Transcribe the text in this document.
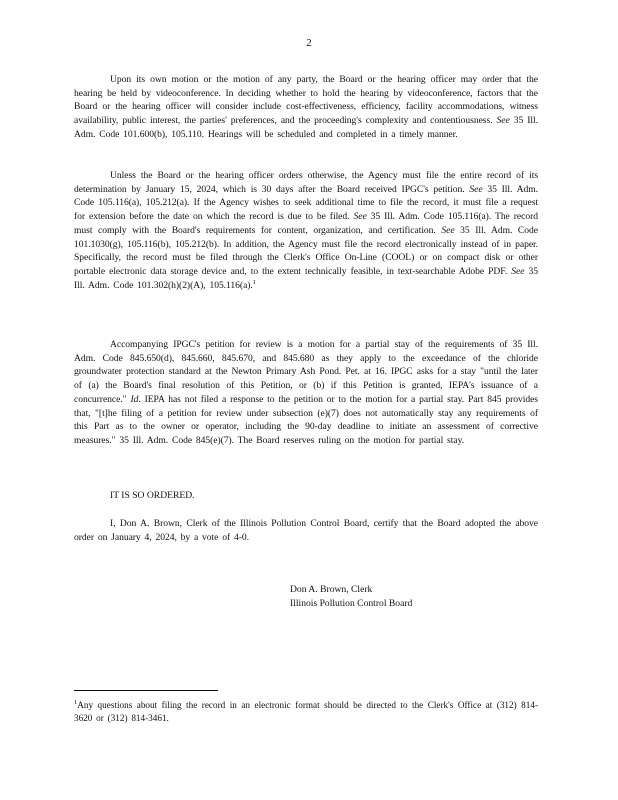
2

Upon its own motion or the motion of any party, the Board or the hearing officer may order that the hearing be held by videoconference. In deciding whether to hold the hearing by videoconference, factors that the Board or the hearing officer will consider include cost-effectiveness, efficiency, facility accommodations, witness availability, public interest, the parties' preferences, and the proceeding's complexity and contentiousness. See 35 Ill. Adm. Code 101.600(b), 105.110. Hearings will be scheduled and completed in a timely manner.

Unless the Board or the hearing officer orders otherwise, the Agency must file the entire record of its determination by January 15, 2024, which is 30 days after the Board received IPGC's petition. See 35 Ill. Adm. Code 105.116(a), 105.212(a). If the Agency wishes to seek additional time to file the record, it must file a request for extension before the date on which the record is due to be filed. See 35 Ill. Adm. Code 105.116(a). The record must comply with the Board's requirements for content, organization, and certification. See 35 Ill. Adm. Code 101.1030(g), 105.116(b), 105.212(b). In addition, the Agency must file the record electronically instead of in paper. Specifically, the record must be filed through the Clerk's Office On-Line (COOL) or on compact disk or other portable electronic data storage device and, to the extent technically feasible, in text-searchable Adobe PDF. See 35 Ill. Adm. Code 101.302(h)(2)(A), 105.116(a).$^1$

Accompanying IPGC's petition for review is a motion for a partial stay of the requirements of 35 Ill. Adm. Code 845.650(d), 845.660, 845.670, and 845.680 as they apply to the exceedance of the chloride groundwater protection standard at the Newton Primary Ash Pond. Pet. at 16. IPGC asks for a stay "until the later of (a) the Board's final resolution of this Petition, or (b) if this Petition is granted, IEPA's issuance of a concurrence." Id. IEPA has not filed a response to the petition or to the motion for a partial stay. Part 845 provides that, "[t]he filing of a petition for review under subsection (e)(7) does not automatically stay any requirements of this Part as to the owner or operator, including the 90-day deadline to initiate an assessment of corrective measures." 35 Ill. Adm. Code 845(e)(7). The Board reserves ruling on the motion for partial stay.

IT IS SO ORDERED.

I, Don A. Brown, Clerk of the Illinois Pollution Control Board, certify that the Board adopted the above order on January 4, 2024, by a vote of 4-0.

Don A. Brown, Clerk
Illinois Pollution Control Board

$^1$Any questions about filing the record in an electronic format should be directed to the Clerk's Office at (312) 814-3620 or (312) 814-3461.
